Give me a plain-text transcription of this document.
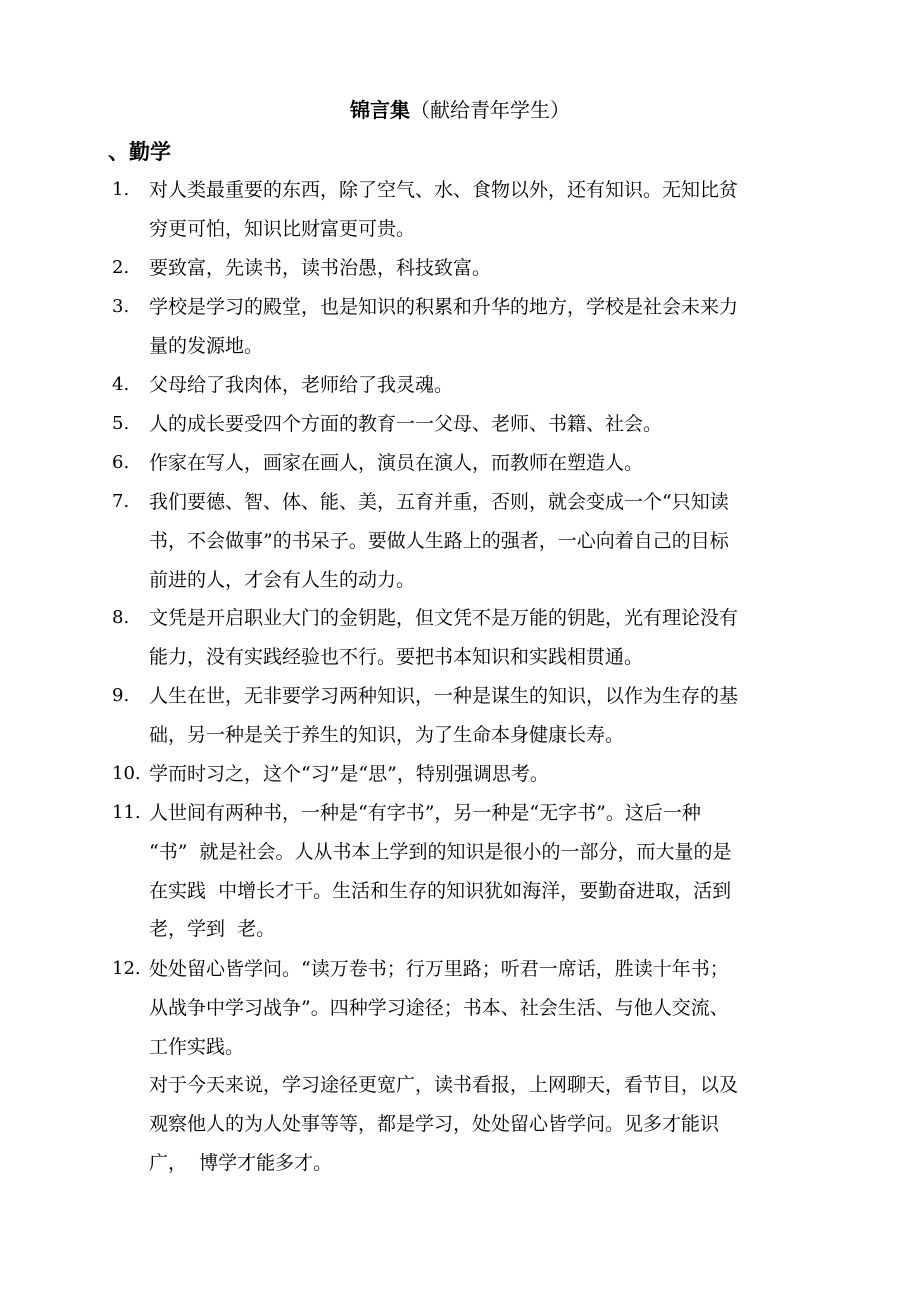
锦言集（献给青年学生）
、勤学
1.	对人类最重要的东西，除了空气、水、食物以外，还有知识。无知比贫
穷更可怕，知识比财富更可贵。
2.	要致富，先读书，读书治愚，科技致富。
3.	学校是学习的殿堂，也是知识的积累和升华的地方，学校是社会未来力
量的发源地。
4.	父母给了我肉体，老师给了我灵魂。
5.	人的成长要受四个方面的教育一一父母、老师、书籍、社会。
6.	作家在写人，画家在画人，演员在演人，而教师在塑造人。
7.	我们要德、智、体、能、美，五育并重，否则，就会变成一个“只知读
书，不会做事”的书呆子。要做人生路上的强者，一心向着自己的目标
前进的人，才会有人生的动力。
8.	文凭是开启职业大门的金钥匙，但文凭不是万能的钥匙，光有理论没有
能力，没有实践经验也不行。要把书本知识和实践相贯通。
9.	人生在世，无非要学习两种知识，一种是谋生的知识，以作为生存的基
础，另一种是关于养生的知识，为了生命本身健康长寿。
10. 学而时习之，这个“习”是“思”，特别强调思考。
11. 人世间有两种书，一种是“有字书”，另一种是“无字书”。这后一种
“书”  就是社会。人从书本上学到的知识是很小的一部分，而大量的是
在实践  中增长才干。生活和生存的知识犹如海洋，要勤奋进取，活到
老，学到  老。
12. 处处留心皆学问。“读万卷书；行万里路；听君一席话，胜读十年书；
从战争中学习战争”。四种学习途径；书本、社会生活、与他人交流、
工作实践。
对于今天来说，学习途径更宽广，读书看报，上网聊天，看节目，以及
观察他人的为人处事等等，都是学习，处处留心皆学问。见多才能识
广，  博学才能多才。
